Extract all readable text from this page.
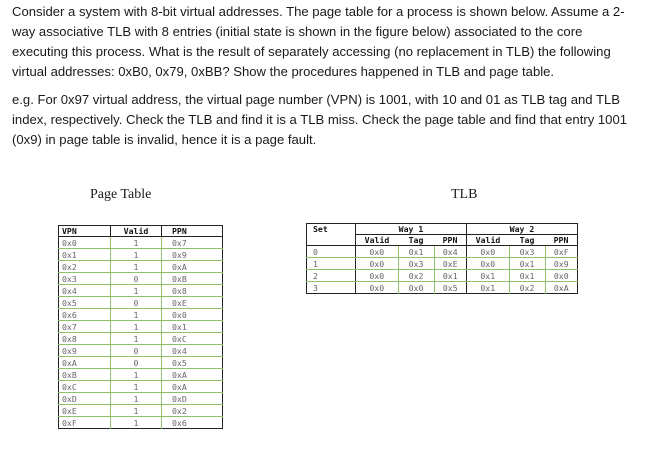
Consider a system with 8-bit virtual addresses. The page table for a process is shown below. Assume a 2-way associative TLB with 8 entries (initial state is shown in the figure below) associated to the core executing this process. What is the result of separately accessing (no replacement in TLB) the following virtual addresses: 0xB0, 0x79, 0xBB? Show the procedures happened in TLB and page table.

e.g. For 0x97 virtual address, the virtual page number (VPN) is 1001, with 10 and 01 as TLB tag and TLB index, respectively. Check the TLB and find it is a TLB miss. Check the page table and find that entry 1001 (0x9) in page table is invalid, hence it is a page fault.

Page Table	TLB
VPN	Valid	PPN
0x0	1	0x7
0x1	1	0x9
0x2	1	0xA
0x3	0	0xB
0x4	1	0x8
0x5	0	0xE
0x6	1	0x0
0x7	1	0x1
0x8	1	0xC
0x9	0	0x4
0xA	0	0x5
0xB	1	0xA
0xC	1	0xA
0xD	1	0xD
0xE	1	0x2
0xF	1	0x6
Set	Way 1			Way 2		
	Valid	Tag	PPN	Valid	Tag	PPN
0	0x0	0x1	0x4	0x0	0x3	0xF
1	0x0	0x3	0xE	0x0	0x1	0x9
2	0x0	0x2	0x1	0x1	0x1	0x0
3	0x0	0x0	0x5	0x1	0x2	0xA
